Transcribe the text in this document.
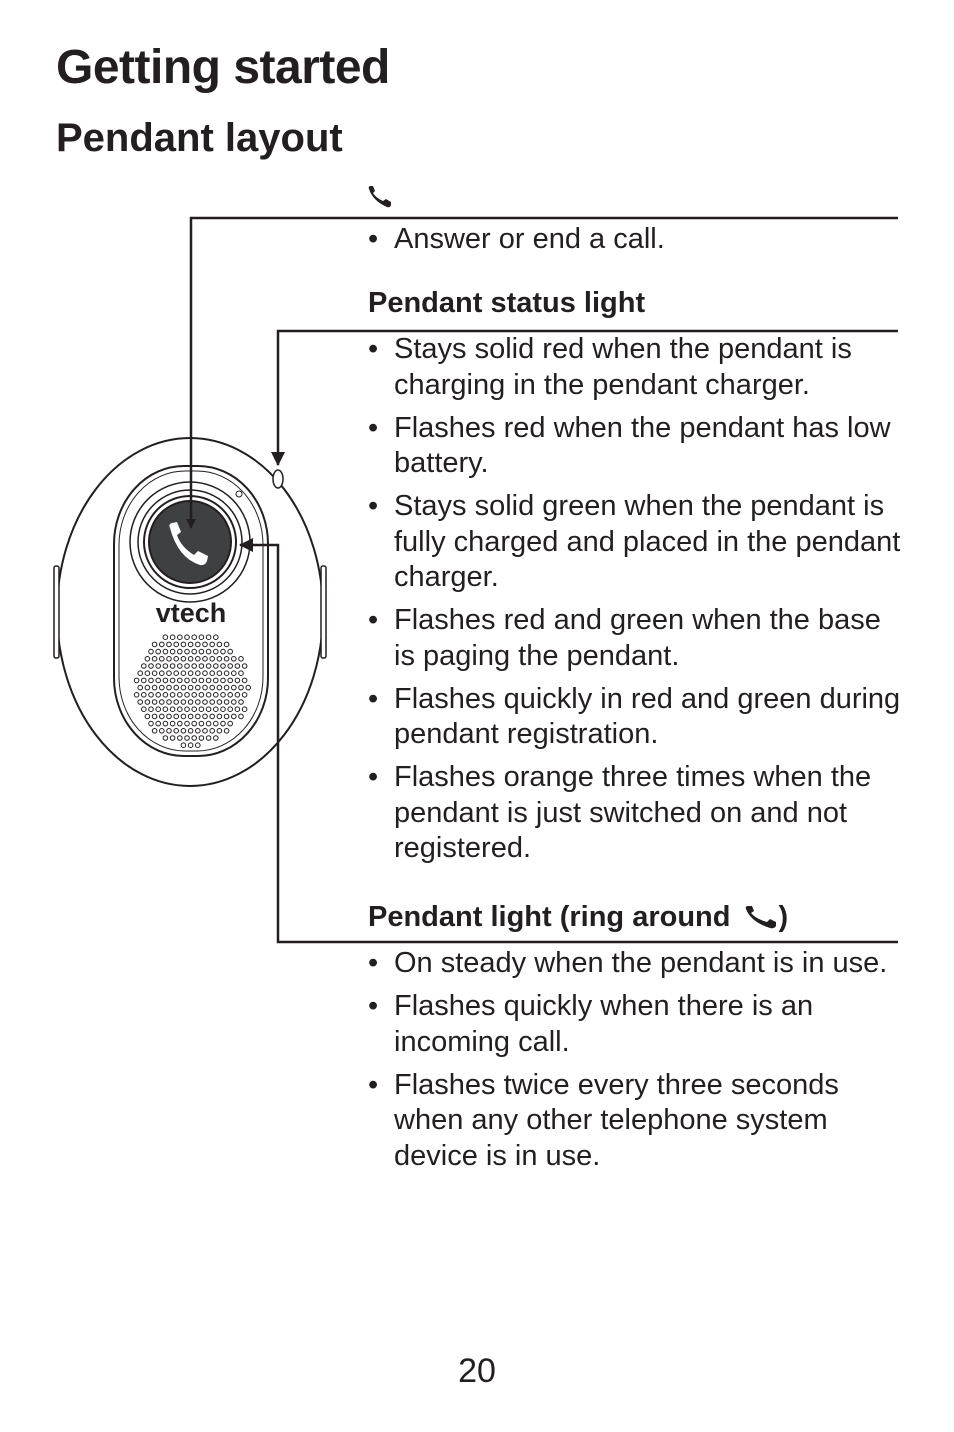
Getting started
Pendant layout
vtech
• Answer or end a call.
Pendant status light
• Stays solid red when the pendant is charging in the pendant charger.
• Flashes red when the pendant has low battery.
• Stays solid green when the pendant is fully charged and placed in the pendant charger.
• Flashes red and green when the base is paging the pendant.
• Flashes quickly in red and green during pendant registration.
• Flashes orange three times when the pendant is just switched on and not registered.
Pendant light (ring around )
• On steady when the pendant is in use.
• Flashes quickly when there is an incoming call.
• Flashes twice every three seconds when any other telephone system device is in use.
20
